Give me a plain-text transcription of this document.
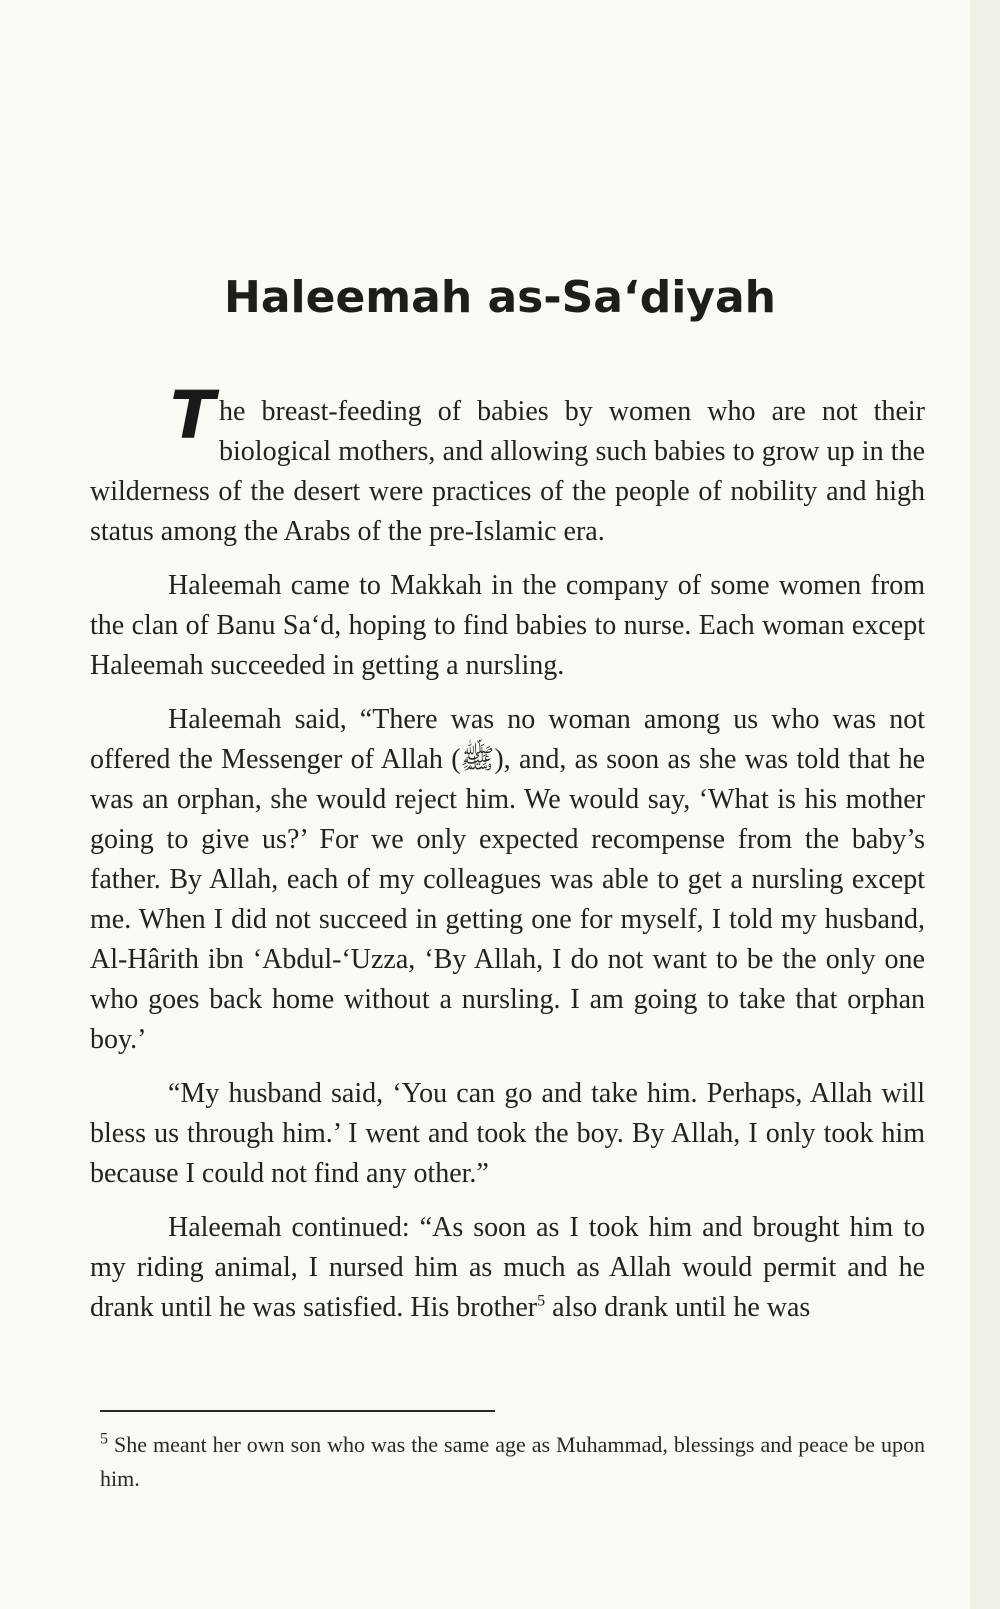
Haleemah as-Sa‘diyah

T he breast-feeding of babies by women who are not their biological mothers, and allowing such babies to grow up in the wilderness of the desert were practices of the people of nobility and high status among the Arabs of the pre-Islamic era.

Haleemah came to Makkah in the company of some women from the clan of Banu Sa‘d, hoping to find babies to nurse. Each woman except Haleemah succeeded in getting a nursling.

Haleemah said, “There was no woman among us who was not offered the Messenger of Allah (ﷺ), and, as soon as she was told that he was an orphan, she would reject him. We would say, ‘What is his mother going to give us?’ For we only expected recompense from the baby’s father. By Allah, each of my colleagues was able to get a nursling except me. When I did not succeed in getting one for myself, I told my husband, Al-Hârith ibn ‘Abdul-‘Uzza, ‘By Allah, I do not want to be the only one who goes back home without a nursling. I am going to take that orphan boy.’

“My husband said, ‘You can go and take him. Perhaps, Allah will bless us through him.’ I went and took the boy. By Allah, I only took him because I could not find any other.”

Haleemah continued: “As soon as I took him and brought him to my riding animal, I nursed him as much as Allah would permit and he drank until he was satisfied. His brother$^5$ also drank until he was

$^5$ She meant her own son who was the same age as Muhammad, blessings and peace be upon him.
